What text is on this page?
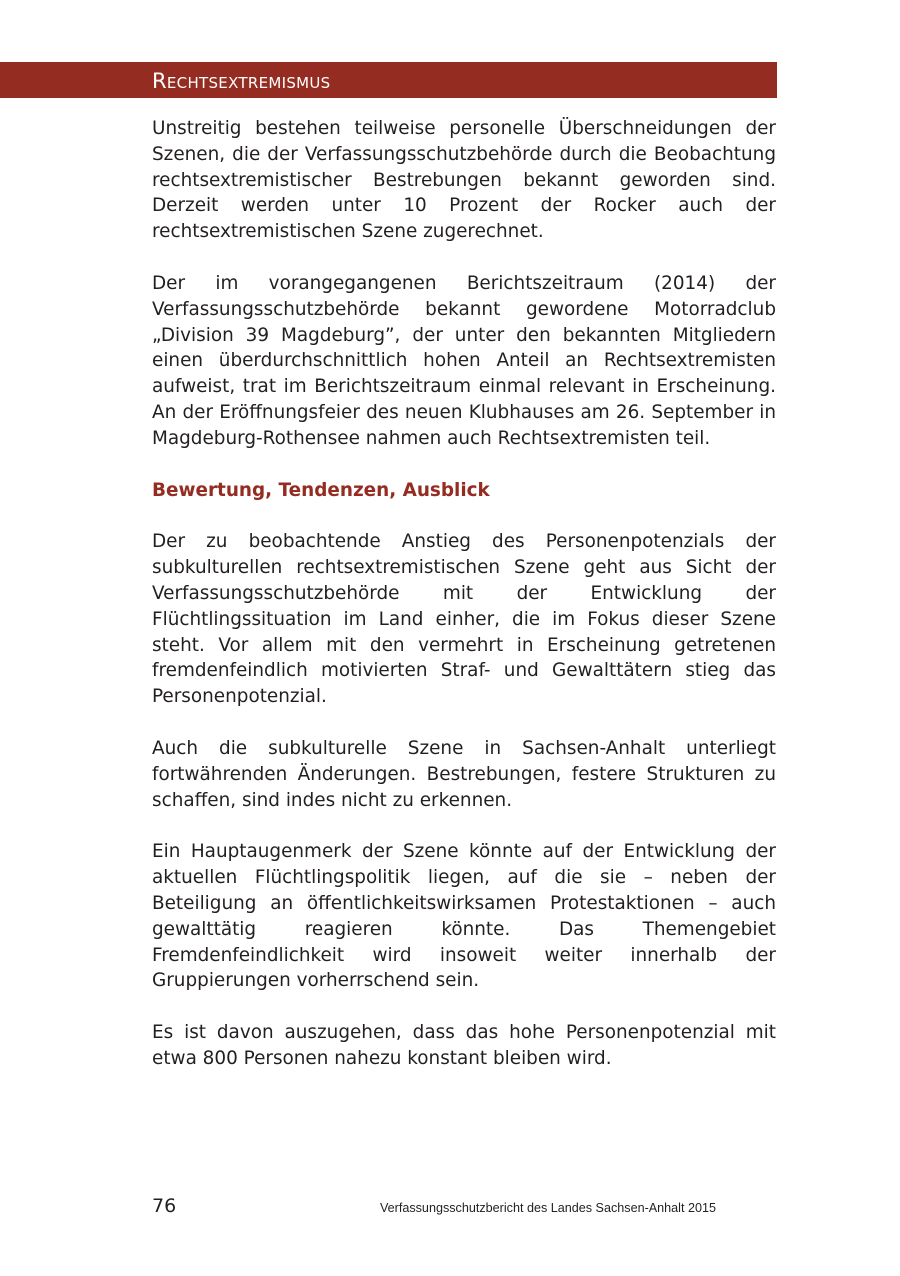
Rechtsextremismus

Unstreitig bestehen teilweise personelle Überschneidungen der Szenen, die der Verfassungsschutzbehörde durch die Beobachtung rechtsextremistischer Bestrebungen bekannt geworden sind. Derzeit werden unter 10 Prozent der Rocker auch der rechtsextremistischen Szene zugerechnet.

Der im vorangegangenen Berichtszeitraum (2014) der Verfassungsschutzbehörde bekannt gewordene Motorradclub „Division 39 Magdeburg”, der unter den bekannten Mitgliedern einen überdurchschnittlich hohen Anteil an Rechtsextremisten aufweist, trat im Berichtszeitraum einmal relevant in Erscheinung. An der Eröffnungsfeier des neuen Klubhauses am 26. September in Magdeburg-Rothensee nahmen auch Rechtsextremisten teil.

Bewertung, Tendenzen, Ausblick

Der zu beobachtende Anstieg des Personenpotenzials der subkulturellen rechtsextremistischen Szene geht aus Sicht der Verfassungsschutzbehörde mit der Entwicklung der Flüchtlingssituation im Land einher, die im Fokus dieser Szene steht. Vor allem mit den vermehrt in Erscheinung getretenen fremdenfeindlich motivierten Straf- und Gewalttätern stieg das Personenpotenzial.

Auch die subkulturelle Szene in Sachsen-Anhalt unterliegt fortwährenden Änderungen. Bestrebungen, festere Strukturen zu schaffen, sind indes nicht zu erkennen.

Ein Hauptaugenmerk der Szene könnte auf der Entwicklung der aktuellen Flüchtlingspolitik liegen, auf die sie – neben der Beteiligung an öffentlichkeitswirksamen Protestaktionen – auch gewalttätig reagieren könnte. Das Themengebiet Fremdenfeindlichkeit wird insoweit weiter innerhalb der Gruppierungen vorherrschend sein.

Es ist davon auszugehen, dass das hohe Personenpotenzial mit etwa 800 Personen nahezu konstant bleiben wird.

76	Verfassungsschutzbericht des Landes Sachsen-Anhalt 2015
